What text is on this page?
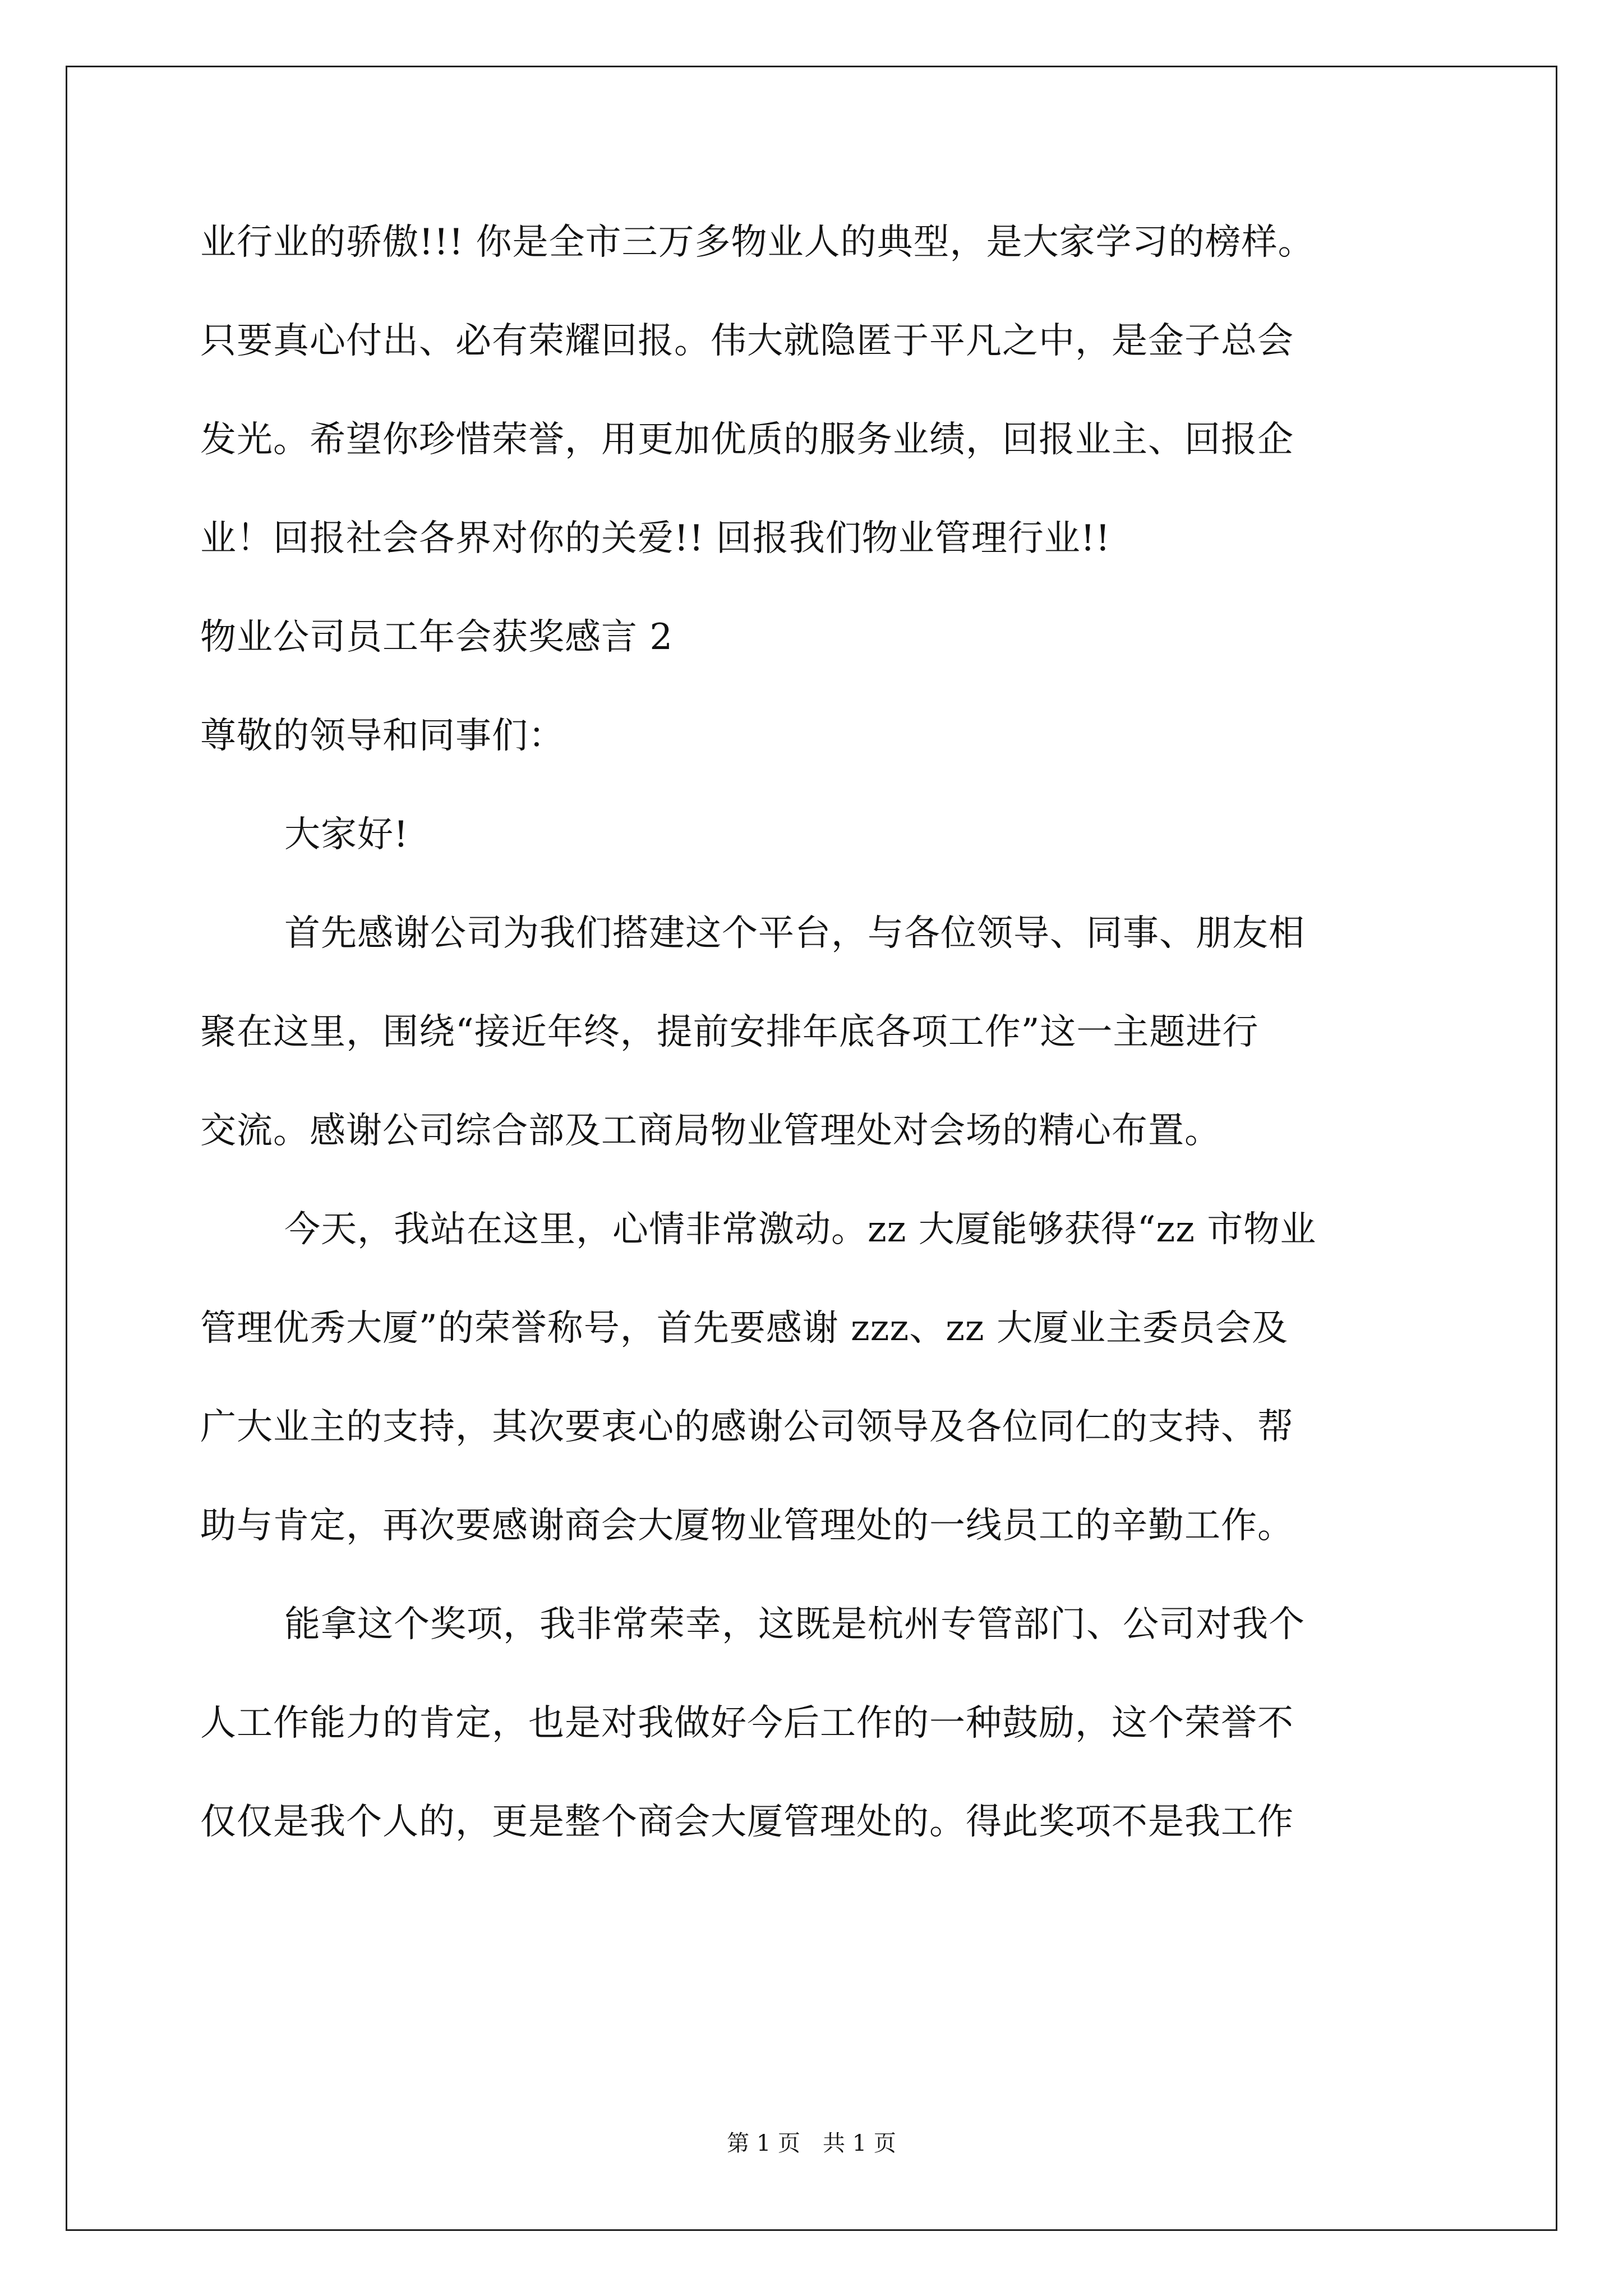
业行业的骄傲!!! 你是全市三万多物业人的典型，是大家学习的榜样。
只要真心付出、必有荣耀回报。伟大就隐匿于平凡之中，是金子总会
发光。希望你珍惜荣誉，用更加优质的服务业绩，回报业主、回报企
业！回报社会各界对你的关爱!! 回报我们物业管理行业!!
物业公司员工年会获奖感言 2
尊敬的领导和同事们：
大家好!
首先感谢公司为我们搭建这个平台，与各位领导、同事、朋友相
聚在这里，围绕“接近年终，提前安排年底各项工作”这一主题进行
交流。感谢公司综合部及工商局物业管理处对会场的精心布置。
今天，我站在这里，心情非常激动。zz 大厦能够获得“zz 市物业
管理优秀大厦”的荣誉称号，首先要感谢 zzz、zz 大厦业主委员会及
广大业主的支持，其次要衷心的感谢公司领导及各位同仁的支持、帮
助与肯定，再次要感谢商会大厦物业管理处的一线员工的辛勤工作。
能拿这个奖项，我非常荣幸，这既是杭州专管部门、公司对我个
人工作能力的肯定，也是对我做好今后工作的一种鼓励，这个荣誉不
仅仅是我个人的，更是整个商会大厦管理处的。得此奖项不是我工作
第 1 页　共 1 页
